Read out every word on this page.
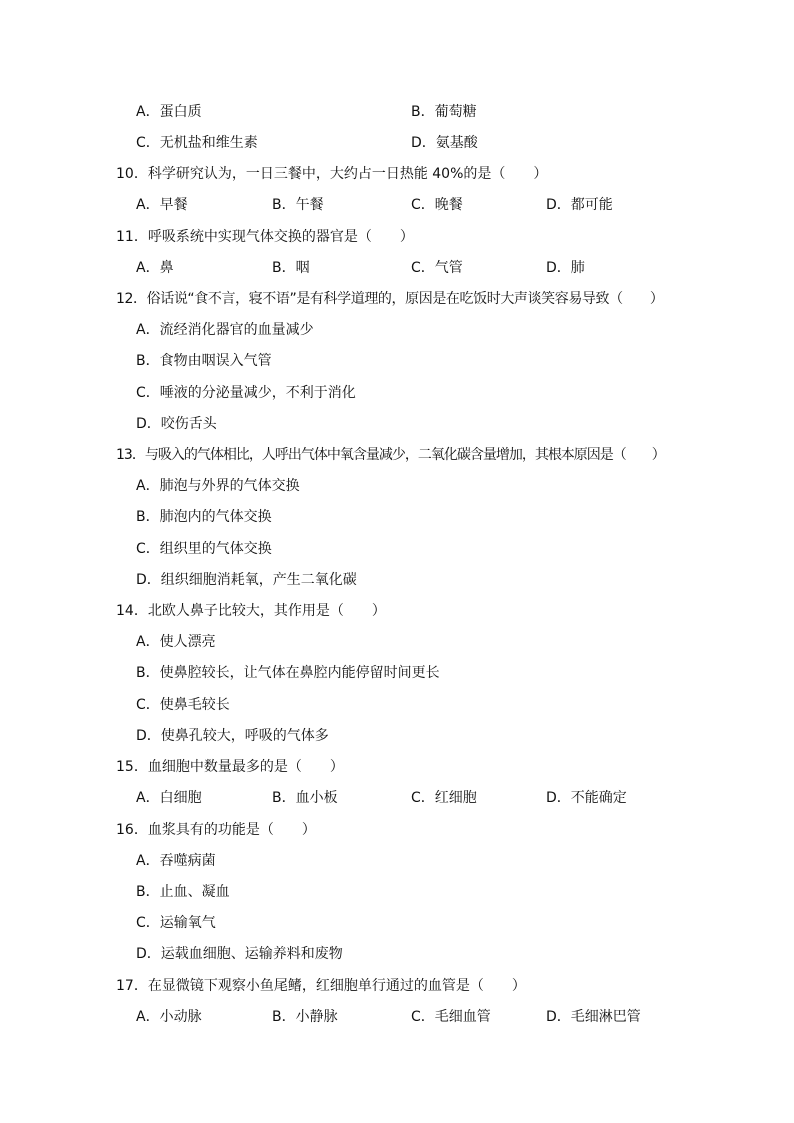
A．蛋白质	B．葡萄糖
C．无机盐和维生素	D．氨基酸
10．科学研究认为，一日三餐中，大约占一日热能 40%的是（　　）
A．早餐	B．午餐	C．晚餐	D．都可能
11．呼吸系统中实现气体交换的器官是（　　）
A．鼻	B．咽	C．气管	D．肺
12．俗话说“食不言，寝不语”是有科学道理的，原因是在吃饭时大声谈笑容易导致（　　）
A．流经消化器官的血量减少
B．食物由咽误入气管
C．唾液的分泌量减少，不利于消化
D．咬伤舌头
13．与吸入的气体相比，人呼出气体中氧含量减少，二氧化碳含量增加，其根本原因是（　　）
A．肺泡与外界的气体交换
B．肺泡内的气体交换
C．组织里的气体交换
D．组织细胞消耗氧，产生二氧化碳
14．北欧人鼻子比较大，其作用是（　　）
A．使人漂亮
B．使鼻腔较长，让气体在鼻腔内能停留时间更长
C．使鼻毛较长
D．使鼻孔较大，呼吸的气体多
15．血细胞中数量最多的是（　　）
A．白细胞	B．血小板	C．红细胞	D．不能确定
16．血浆具有的功能是（　　）
A．吞噬病菌
B．止血、凝血
C．运输氧气
D．运载血细胞、运输养料和废物
17．在显微镜下观察小鱼尾鳍，红细胞单行通过的血管是（　　）
A．小动脉	B．小静脉	C．毛细血管	D．毛细淋巴管
